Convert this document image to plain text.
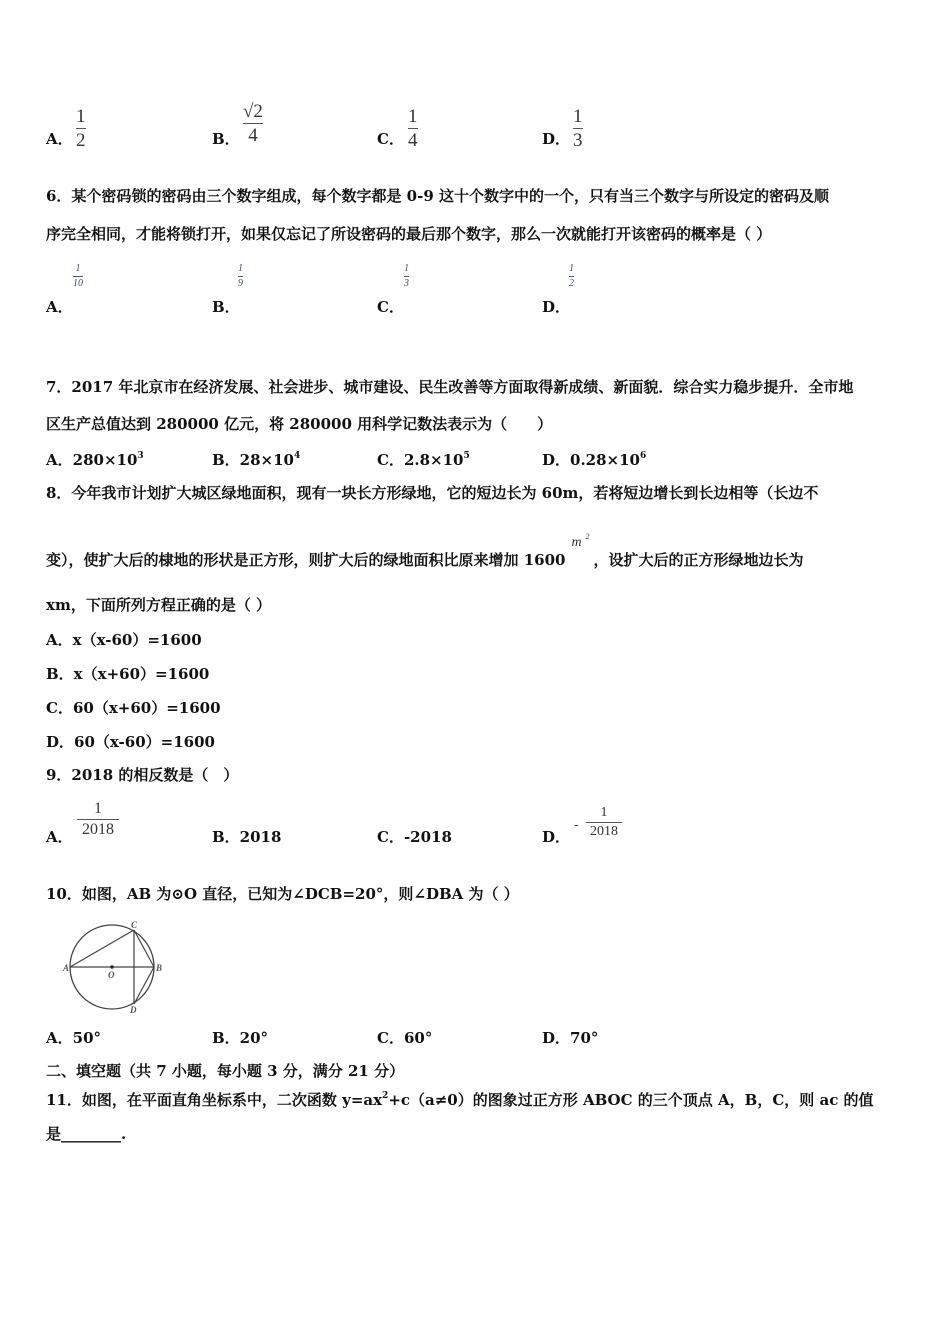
A．
1
2	B．
√2
4	C．
1
4	D．
1
3
6．某个密码锁的密码由三个数字组成，每个数字都是 0-9 这十个数字中的一个，只有当三个数字与所设定的密码及顺
序完全相同，才能将锁打开，如果仅忘记了所设密码的最后那个数字，那么一次就能打开该密码的概率是（ ）
A．
1
10
B．
1
9
C．
1
3
D．
1
2
7．2017 年北京市在经济发展、社会进步、城市建设、民生改善等方面取得新成绩、新面貌．综合实力稳步提升．全市地
区生产总值达到 280000 亿元，将 280000 用科学记数法表示为（　　）
A．$280\times 10^3$	B．$28\times 10^4$	C．$2.8\times 10^5$	D．$0.28\times 10^6$
8．今年我市计划扩大城区绿地面积，现有一块长方形绿地，它的短边长为 60m，若将短边增长到长边相等（长边不
变），使扩大后的棣地的形状是正方形，则扩大后的绿地面积比原来增加 1600
m 2
，设扩大后的正方形绿地边长为
xm，下面所列方程正确的是（ ）
A．x（x-60）=1600
B．x（x+60）=1600
C．60（x+60）=1600
D．60（x-60）=1600
9．2018 的相反数是（　）
A．
1
2018	B．2018	C．-2018	D．
-
1
2018
10．如图，AB 为⊙O 直径，已知为∠DCB=20°，则∠DBA 为（ ）
A	B
C
D
O
A．50°	B．20°	C．60°	D．70°
二、填空题（共 7 小题，每小题 3 分，满分 21 分）
11．如图，在平面直角坐标系中，二次函数 $y=ax^2+c(a\ne 0)$的图象过正方形 ABOC 的三个顶点 A，B，C，则 ac 的值
是________.
